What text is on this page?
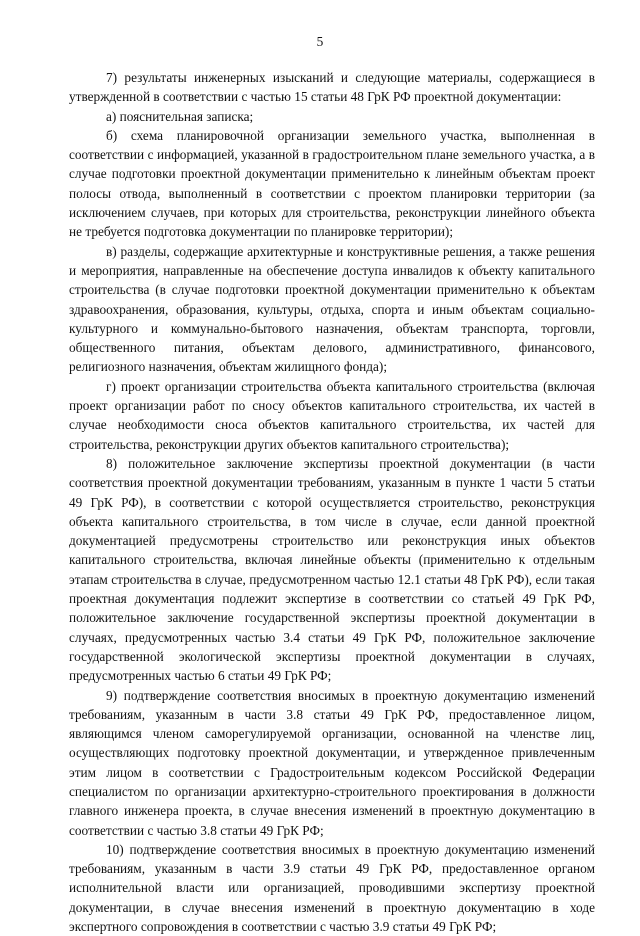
5

7) результаты инженерных изысканий и следующие материалы, содержащиеся в утвержденной в соответствии с частью 15 статьи 48 ГрК РФ проектной документации:

а) пояснительная записка;

б) схема планировочной организации земельного участка, выполненная в соответствии с информацией, указанной в градостроительном плане земельного участка, а в случае подготовки проектной документации применительно к линейным объектам проект полосы отвода, выполненный в соответствии с проектом планировки территории (за исключением случаев, при которых для строительства, реконструкции линейного объекта не требуется подготовка документации по планировке территории);

в) разделы, содержащие архитектурные и конструктивные решения, а также решения и мероприятия, направленные на обеспечение доступа инвалидов к объекту капитального строительства (в случае подготовки проектной документации применительно к объектам здравоохранения, образования, культуры, отдыха, спорта и иным объектам социально-культурного и коммунально-бытового назначения, объектам транспорта, торговли, общественного питания, объектам делового, административного, финансового, религиозного назначения, объектам жилищного фонда);

г) проект организации строительства объекта капитального строительства (включая проект организации работ по сносу объектов капитального строительства, их частей в случае необходимости сноса объектов капитального строительства, их частей для строительства, реконструкции других объектов капитального строительства);

8) положительное заключение экспертизы проектной документации (в части соответствия проектной документации требованиям, указанным в пункте 1 части 5 статьи 49 ГрК РФ), в соответствии с которой осуществляется строительство, реконструкция объекта капитального строительства, в том числе в случае, если данной проектной документацией предусмотрены строительство или реконструкция иных объектов капитального строительства, включая линейные объекты (применительно к отдельным этапам строительства в случае, предусмотренном частью 12.1 статьи 48 ГрК РФ), если такая проектная документация подлежит экспертизе в соответствии со статьей 49 ГрК РФ, положительное заключение государственной экспертизы проектной документации в случаях, предусмотренных частью 3.4 статьи 49 ГрК РФ, положительное заключение государственной экологической экспертизы проектной документации в случаях, предусмотренных частью 6 статьи 49 ГрК РФ;

9) подтверждение соответствия вносимых в проектную документацию изменений требованиям, указанным в части 3.8 статьи 49 ГрК РФ, предоставленное лицом, являющимся членом саморегулируемой организации, основанной на членстве лиц, осуществляющих подготовку проектной документации, и утвержденное привлеченным этим лицом в соответствии с Градостроительным кодексом Российской Федерации специалистом по организации архитектурно-строительного проектирования в должности главного инженера проекта, в случае внесения изменений в проектную документацию в соответствии с частью 3.8 статьи 49 ГрК РФ;

10) подтверждение соответствия вносимых в проектную документацию изменений требованиям, указанным в части 3.9 статьи 49 ГрК РФ, предоставленное органом исполнительной власти или организацией, проводившими экспертизу проектной документации, в случае внесения изменений в проектную документацию в ходе экспертного сопровождения в соответствии с частью 3.9 статьи 49 ГрК РФ;
